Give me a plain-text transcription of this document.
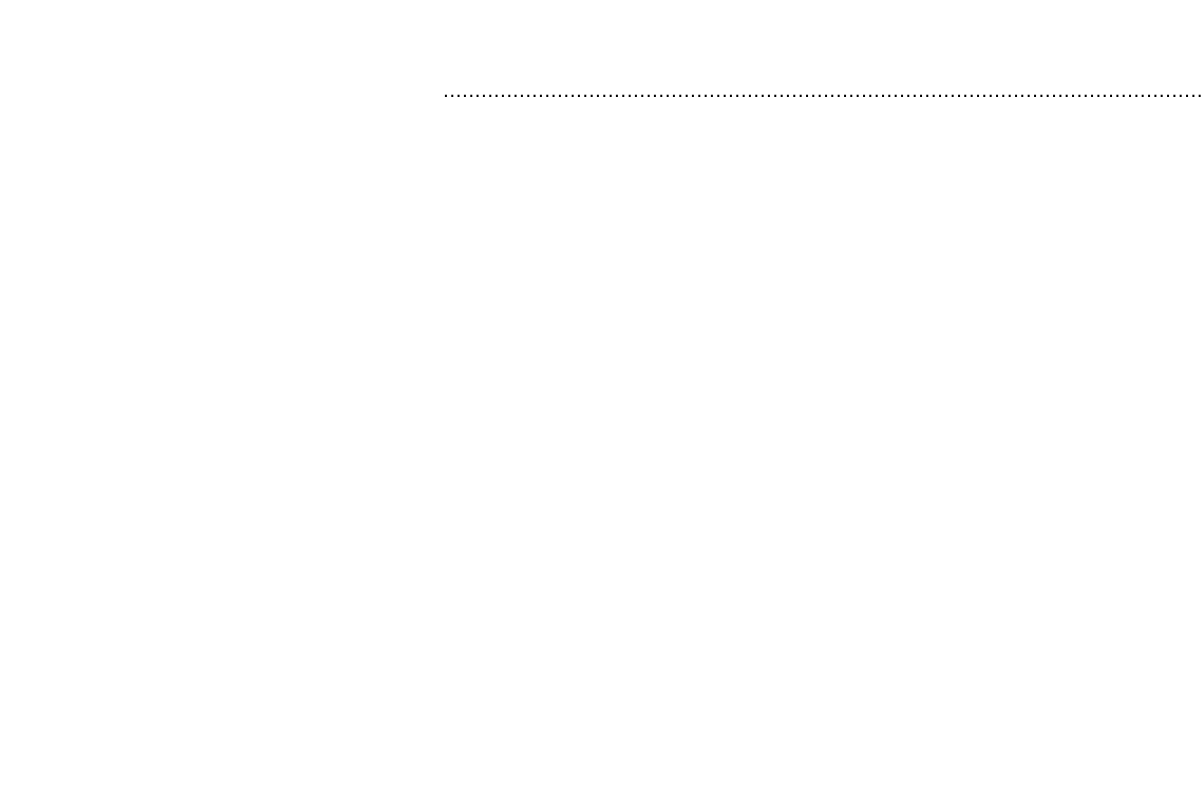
........................................................................................................................
